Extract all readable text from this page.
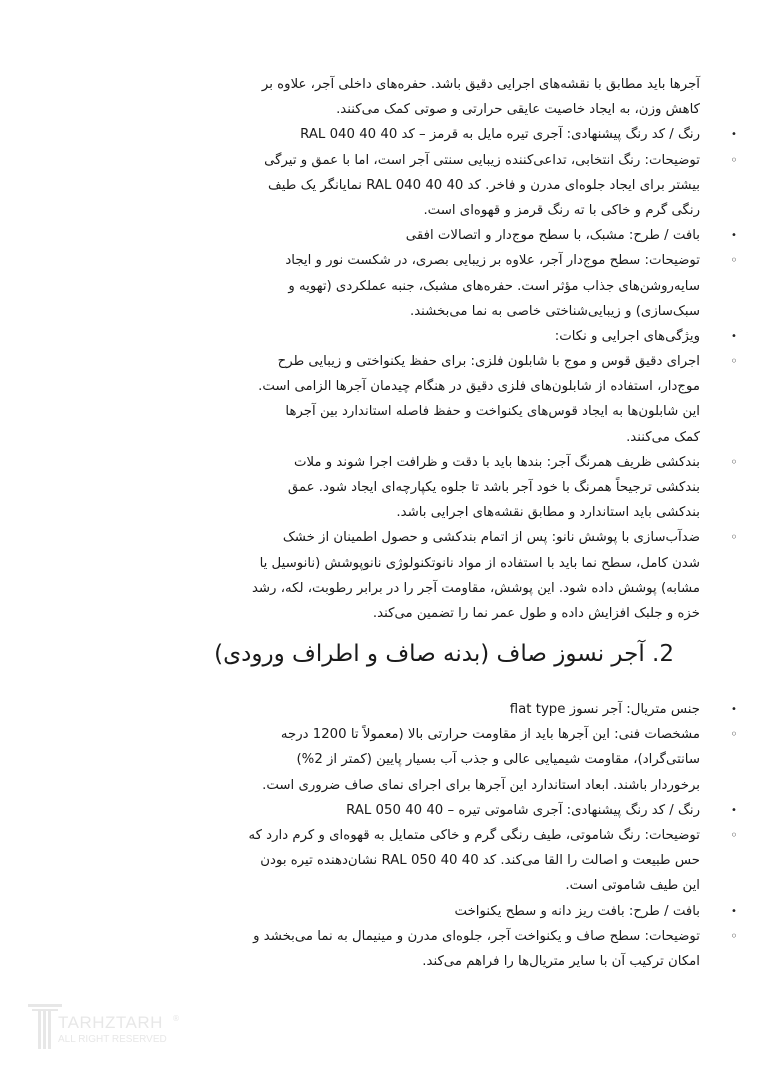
آجرها باید مطابق با نقشه‌های اجرایی دقیق باشد. حفره‌های داخلی آجر، علاوه بر
کاهش وزن، به ایجاد خاصیت عایقی حرارتی و صوتی کمک می‌کنند.
•
رنگ / کد رنگ پیشنهادی: آجری تیره مایل به قرمز – کد 40 40 040 RAL
◦
توضیحات: رنگ انتخابی، تداعی‌کننده زیبایی سنتی آجر است، اما با عمق و تیرگی
بیشتر برای ایجاد جلوه‌ای مدرن و فاخر. کد 40 40 040 RAL نمایانگر یک طیف
رنگی گرم و خاکی با ته رنگ قرمز و قهوه‌ای است.
•
بافت / طرح: مشبک، با سطح موج‌دار و اتصالات افقی
◦
توضیحات: سطح موج‌دار آجر، علاوه بر زیبایی بصری، در شکست نور و ایجاد
سایه‌روشن‌های جذاب مؤثر است. حفره‌های مشبک، جنبه عملکردی (تهویه و
سبک‌سازی) و زیبایی‌شناختی خاصی به نما می‌بخشند.
•
ویژگی‌های اجرایی و نکات:
◦
اجرای دقیق قوس و موج با شابلون فلزی: برای حفظ یکنواختی و زیبایی طرح
موج‌دار، استفاده از شابلون‌های فلزی دقیق در هنگام چیدمان آجرها الزامی است.
این شابلون‌ها به ایجاد قوس‌های یکنواخت و حفظ فاصله استاندارد بین آجرها
کمک می‌کنند.
◦
بندکشی ظریف همرنگ آجر: بندها باید با دقت و ظرافت اجرا شوند و ملات
بندکشی ترجیحاً همرنگ با خود آجر باشد تا جلوه یکپارچه‌ای ایجاد شود. عمق
بندکشی باید استاندارد و مطابق نقشه‌های اجرایی باشد.
◦
ضدآب‌سازی با پوشش نانو: پس از اتمام بندکشی و حصول اطمینان از خشک
شدن کامل، سطح نما باید با استفاده از مواد نانوتکنولوژی نانوپوشش (نانوسیل یا
مشابه) پوشش داده شود. این پوشش، مقاومت آجر را در برابر رطوبت، لکه، رشد
خزه و جلبک افزایش داده و طول عمر نما را تضمین می‌کند.
2. آجر نسوز صاف (بدنه صاف و اطراف ورودی)
•
جنس متریال: آجر نسوز flat type
◦
مشخصات فنی: این آجرها باید از مقاومت حرارتی بالا (معمولاً تا 1200 درجه
سانتی‌گراد)، مقاومت شیمیایی عالی و جذب آب بسیار پایین (کمتر از 2%)
برخوردار باشند. ابعاد استاندارد این آجرها برای اجرای نمای صاف ضروری است.
•
رنگ / کد رنگ پیشنهادی: آجری شاموتی تیره – 40 40 050 RAL
◦
توضیحات: رنگ شاموتی، طیف رنگی گرم و خاکی متمایل به قهوه‌ای و کرم دارد که
حس طبیعت و اصالت را القا می‌کند. کد 40 40 050 RAL نشان‌دهنده تیره بودن
این طیف شاموتی است.
•
بافت / طرح: بافت ریز دانه و سطح یکنواخت
◦
توضیحات: سطح صاف و یکنواخت آجر، جلوه‌ای مدرن و مینیمال به نما می‌بخشد و
امکان ترکیب آن با سایر متریال‌ها را فراهم می‌کند.
TARHZTARH ®
ALL RIGHT RESERVED
